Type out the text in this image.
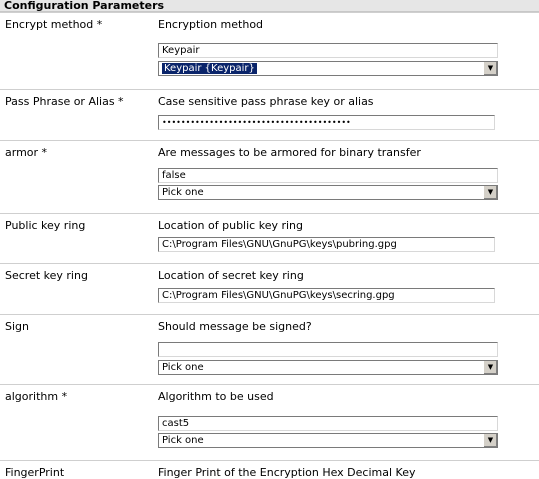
Configuration Parameters
Encrypt method *	Encryption method
Keypair
Keypair {Keypair}	▼
Pass Phrase or Alias *	Case sensitive pass phrase key or alias
••••••••••••••••••••••••••••••••••••••••
armor *	Are messages to be armored for binary transfer
false
Pick one	▼
Public key ring	Location of public key ring
C:\Program Files\GNU\GnuPG\keys\pubring.gpg
Secret key ring	Location of secret key ring
C:\Program Files\GNU\GnuPG\keys\secring.gpg
Sign	Should message be signed?
Pick one	▼
algorithm *	Algorithm to be used
cast5
Pick one	▼
FingerPrint	Finger Print of the Encryption Hex Decimal Key
